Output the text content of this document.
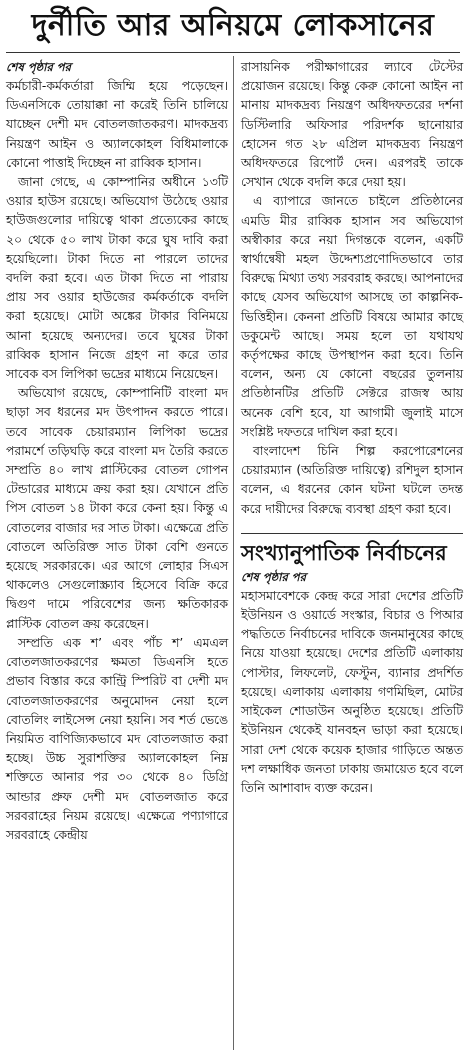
দুর্নীতি আর অনিয়মে লোকসানের

শেষ পৃষ্ঠার পর

কর্মচারী-কর্মকর্তারা জিম্মি হয়ে পড়েছেন। ডিএনসিকে তোয়াক্কা না করেই তিনি চালিয়ে যাচ্ছেন দেশী মদ বোতলজাতকরণ। মাদকদ্রব্য নিয়ন্ত্রণ আইন ও অ্যালকোহল বিধিমালাকে কোনো পাত্তাই দিচ্ছেন না রাব্বিক হাসান।

জানা গেছে, এ কোম্পানির অধীনে ১৩টি ওয়ার হাউস রয়েছে। অভিযোগ উঠেছে ওয়ার হাউজগুলোর দায়িত্বে থাকা প্রত্যেকের কাছে ২০ থেকে ৫০ লাখ টাকা করে ঘুষ দাবি করা হয়েছিলো। টাকা দিতে না পারলে তাদের বদলি করা হবে। এত টাকা দিতে না পারায় প্রায় সব ওয়ার হাউজের কর্মকর্তাকে বদলি করা হয়েছে। মোটা অঙ্কের টাকার বিনিময়ে আনা হয়েছে অন্যদের। তবে ঘুষের টাকা রাব্বিক হাসান নিজে গ্রহণ না করে তার সাবেক বস লিপিকা ভদ্রের মাধ্যমে নিয়েছেন।

অভিযোগ রয়েছে, কোম্পানিটি বাংলা মদ ছাড়া সব ধরনের মদ উৎপাদন করতে পারে। তবে সাবেক চেয়ারম্যান লিপিকা ভদ্রের পরামর্শে তড়িঘড়ি করে বাংলা মদ তৈরি করতে সম্প্রতি ৪০ লাখ প্লাস্টিকের বোতল গোপন টেন্ডারের মাধ্যমে ক্রয় করা হয়। যেখানে প্রতি পিস বোতল ১৪ টাকা করে কেনা হয়। কিন্তু এ বোতলের বাজার দর সাত টাকা। এক্ষেত্রে প্রতি বোতলে অতিরিক্ত সাত টাকা বেশি গুনতে হয়েছে সরকারকে। এর আগে লোহার সিএস থাকলেও সেগুলোস্ক্র্যাব হিসেবে বিক্রি করে দ্বিগুণ দামে পরিবেশের জন্য ক্ষতিকারক প্লাস্টিক বোতল ক্রয় করেছেন।

সম্প্রতি এক শ’ এবং পাঁচ শ’ এমএল বোতলজাতকরণের ক্ষমতা ডিএনসি হতে প্রভাব বিস্তার করে কান্ট্রি স্পিরিট বা দেশী মদ বোতলজাতকরণের অনুমোদন নেয়া হলে বোতলিং লাইসেন্স নেয়া হয়নি। সব শর্ত ভেঙে নিয়মিত বাণিজ্যিকভাবে মদ বোতলজাত করা হচ্ছে। উচ্চ সুরাশক্তির অ্যালকোহল নিম্ন শক্তিতে আনার পর ৩০ থেকে ৪০ ডিগ্রি আন্ডার প্রুফ দেশী মদ বোতলজাত করে সরবরাহের নিয়ম রয়েছে। এক্ষেত্রে পণ্যাগারে সরবরাহে কেন্দ্রীয়

রাসায়নিক পরীক্ষাগারের ল্যাবে টেস্টের প্রয়োজন রয়েছে। কিন্তু কেরু কোনো আইন না মানায় মাদকদ্রব্য নিয়ন্ত্রণ অধিদফতরের দর্শনা ডিস্টিলারি অফিসার পরিদর্শক ছানোয়ার হোসেন গত ২৮ এপ্রিল মাদকদ্রব্য নিয়ন্ত্রণ অধিদফতরে রিপোর্ট দেন। এরপরই তাকে সেখান থেকে বদলি করে দেয়া হয়।

এ ব্যাপারে জানতে চাইলে প্রতিষ্ঠানের এমডি মীর রাব্বিক হাসান সব অভিযোগ অস্বীকার করে নয়া দিগন্তকে বলেন, একটি স্বার্থান্বেষী মহল উদ্দেশ্যপ্রণোদিতভাবে তার বিরুদ্ধে মিথ্যা তথ্য সরবরাহ করছে। আপনাদের কাছে যেসব অভিযোগ আসছে তা কাল্পনিক-ভিত্তিহীন। কেননা প্রতিটি বিষয়ে আমার কাছে ডকুমেন্ট আছে। সময় হলে তা যথাযথ কর্তৃপক্ষের কাছে উপস্থাপন করা হবে। তিনি বলেন, অন্য যে কোনো বছরের তুলনায় প্রতিষ্ঠানটির প্রতিটি সেক্টরে রাজস্ব আয় অনেক বেশি হবে, যা আগামী জুলাই মাসে সংশ্লিষ্ট দফতরে দাখিল করা হবে।

বাংলাদেশ চিনি শিল্প করপোরেশনের চেয়ারম্যান (অতিরিক্ত দায়িত্বে) রশিদুল হাসান বলেন, এ ধরনের কোন ঘটনা ঘটলে তদন্ত করে দায়ীদের বিরুদ্ধে ব্যবস্থা গ্রহণ করা হবে।

সংখ্যানুপাতিক নির্বাচনের

শেষ পৃষ্ঠার পর

মহাসমাবেশকে কেন্দ্র করে সারা দেশের প্রতিটি ইউনিয়ন ও ওয়ার্ডে সংস্কার, বিচার ও পিআর পদ্ধতিতে নির্বাচনের দাবিকে জনমানুষের কাছে নিয়ে যাওয়া হয়েছে। দেশের প্রতিটি এলাকায় পোস্টার, লিফলেট, ফেস্টুন, ব্যানার প্রদর্শিত হয়েছে। এলাকায় এলাকায় গণমিছিল, মোটর সাইকেল শোডাউন অনুষ্ঠিত হয়েছে। প্রতিটি ইউনিয়ন থেকেই যানবহন ভাড়া করা হয়েছে। সারা দেশ থেকে কয়েক হাজার গাড়িতে অন্তত দশ লক্ষাধিক জনতা ঢাকায় জমায়েত হবে বলে তিনি আশাবাদ ব্যক্ত করেন।
